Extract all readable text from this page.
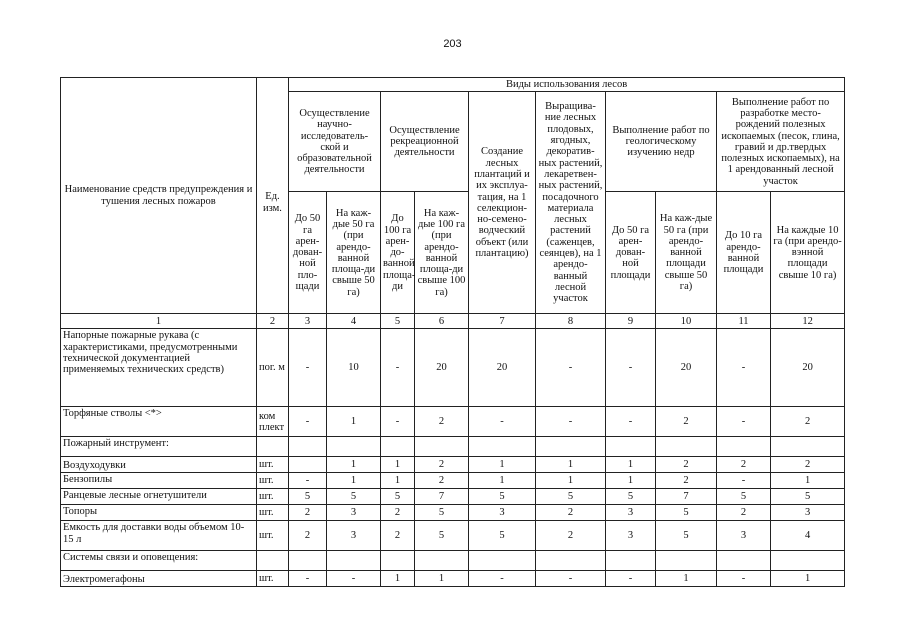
203
Наименование средств предупреждения и тушения лесных пожаров		Виды использования лесов									
	Ед. изм.	Осуществление научно-исследователь-ской и образовательной деятельности		Осуществление рекреационной деятельности		Создание лесных плантаций и их эксплуа-тация, на 1 селекцион-но-семено-водческий объект (или плантацию)	Выращива-ние лесных плодовых, ягодных, декоратив-ных растений, лекаретвен-ных растений, посадочного материала лесных растений (саженцев, сеянцев), на 1 арендо-ванный лесной участок	Выполнение работ по геологическому изучению недр		Выполнение работ по разработке место-рождений полезных ископаемых (песок, глина, гравий и др.твердых полезных ископаемых), на 1 арендованный лесной участок	
		До 50 га арен-дован-ной пло-щади	На каж-дые 50 га (при арендо-ванной площа-ди свыше 50 га)	До 100 га арен-до-ванной площа-ди	На каж-дые 100 га (при арендо-ванной площа-ди свыше 100 га)			До 50 га арен-дован-ной площади	На каж-дые 50 га (при арендо-ванной площади свыше 50 га)	До 10 га арендо-ванной площади	На каждые 10 га (при арендо-вэнной площади свыше 10 га)
1	2	3	4	5	6	7	8	9	10	11	12
Напорные пожарные рукава (с характеристиками, предусмотренными технической документацией применяемых технических средств)	пог. м	-	10	-	20	20	-	-	20	-	20
Торфяные стволы <*>	ком плект	-	1	-	2	-	-	-	2	-	2
Пожарный инструмент:											
Воздуходувки	шт.		1	1	2	1	1	1	2	2	2
Бензопилы	шт.	-	1	1	2	1	1	1	2	-	1
Ранцевые лесные огнетушители	шт.	5	5	5	7	5	5	5	7	5	5
Топоры	шт.	2	3	2	5	3	2	3	5	2	3
Емкость для доставки воды объемом 10-15 л	шт.	2	3	2	5	5	2	3	5	3	4
Системы связи и оповещения:											
Электромегафоны	шт.	-	-	1	1	-	-	-	1	-	1
